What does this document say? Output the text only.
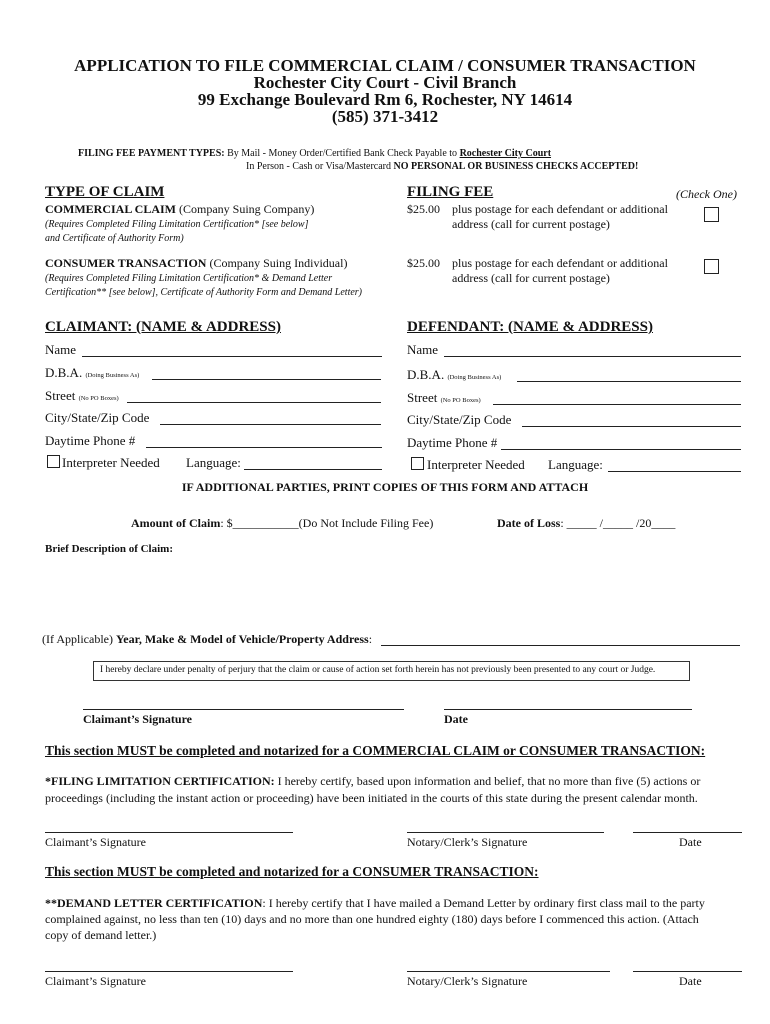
APPLICATION TO FILE COMMERCIAL CLAIM / CONSUMER TRANSACTION
Rochester City Court - Civil Branch
99 Exchange Boulevard Rm 6, Rochester, NY 14614
(585) 371-3412
FILING FEE PAYMENT TYPES: By Mail - Money Order/Certified Bank Check Payable to Rochester City Court
In Person - Cash or Visa/Mastercard NO PERSONAL OR BUSINESS CHECKS ACCEPTED!
TYPE OF CLAIM	FILING FEE	(Check One)
COMMERCIAL CLAIM (Company Suing Company)
(Requires Completed Filing Limitation Certification* [see below]
and Certificate of Authority Form)
$25.00 plus postage for each defendant or additional
address (call for current postage)
CONSUMER TRANSACTION (Company Suing Individual)
(Requires Completed Filing Limitation Certification* & Demand Letter
Certification** [see below], Certificate of Authority Form and Demand Letter)
$25.00 plus postage for each defendant or additional
address (call for current postage)
CLAIMANT: (NAME & ADDRESS)
Name
D.B.A. (Doing Business As)
Street (No PO Boxes)
City/State/Zip Code
Daytime Phone #
Interpreter Needed Language:
DEFENDANT: (NAME & ADDRESS)
Name
D.B.A. (Doing Business As)
Street (No PO Boxes)
City/State/Zip Code
Daytime Phone #
Interpreter Needed Language:
IF ADDITIONAL PARTIES, PRINT COPIES OF THIS FORM AND ATTACH
Amount of Claim: $___________(Do Not Include Filing Fee)	Date of Loss: _____ /_____ /20____
Brief Description of Claim:
(If Applicable) Year, Make & Model of Vehicle/Property Address:
I hereby declare under penalty of perjury that the claim or cause of action set forth herein has not previously been presented to any court or Judge.
Claimant’s Signature	Date
This section MUST be completed and notarized for a COMMERCIAL CLAIM or CONSUMER TRANSACTION:
*FILING LIMITATION CERTIFICATION: I hereby certify, based upon information and belief, that no more than five (5) actions or
proceedings (including the instant action or proceeding) have been initiated in the courts of this state during the present calendar month.
Claimant’s Signature	Notary/Clerk’s Signature	Date
This section MUST be completed and notarized for a CONSUMER TRANSACTION:
**DEMAND LETTER CERTIFICATION: I hereby certify that I have mailed a Demand Letter by ordinary first class mail to the party
complained against, no less than ten (10) days and no more than one hundred eighty (180) days before I commenced this action. (Attach
copy of demand letter.)
Claimant’s Signature	Notary/Clerk’s Signature	Date
